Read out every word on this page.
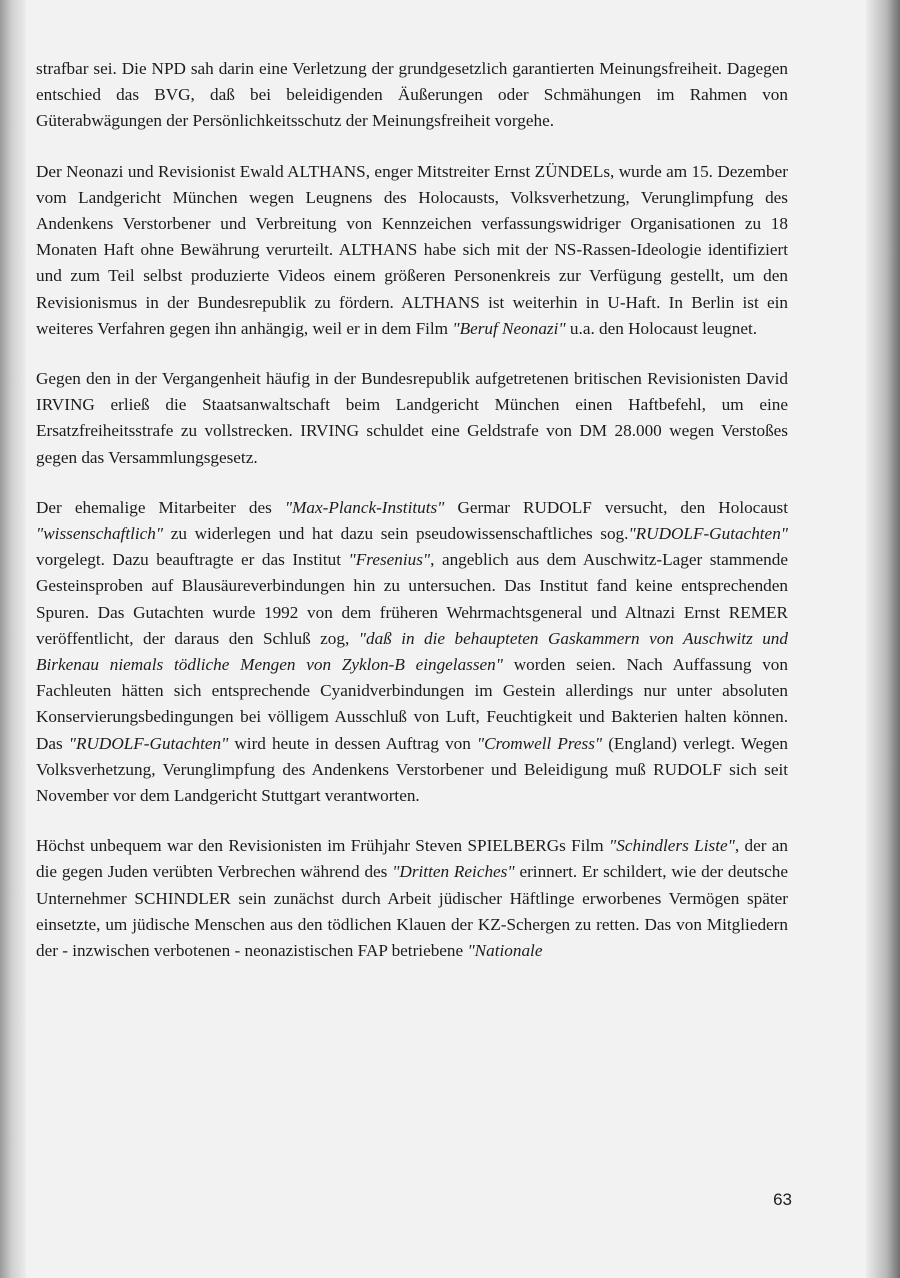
strafbar sei. Die NPD sah darin eine Verletzung der grundgesetzlich garantierten Meinungsfreiheit. Dagegen entschied das BVG, daß bei beleidigenden Äußerungen oder Schmähungen im Rahmen von Güterabwägungen der Persönlichkeitsschutz der Meinungsfreiheit vorgehe.

Der Neonazi und Revisionist Ewald ALTHANS, enger Mitstreiter Ernst ZÜNDELs, wurde am 15. Dezember vom Landgericht München wegen Leugnens des Holocausts, Volksverhetzung, Verunglimpfung des Andenkens Verstorbener und Verbreitung von Kennzeichen verfassungswidriger Organisationen zu 18 Monaten Haft ohne Bewährung verurteilt. ALTHANS habe sich mit der NS-Rassen-Ideologie identifiziert und zum Teil selbst produzierte Videos einem größeren Personenkreis zur Verfügung gestellt, um den Revisionismus in der Bundesrepublik zu fördern. ALTHANS ist weiterhin in U-Haft. In Berlin ist ein weiteres Verfahren gegen ihn anhängig, weil er in dem Film "Beruf Neonazi" u.a. den Holocaust leugnet.

Gegen den in der Vergangenheit häufig in der Bundesrepublik aufgetretenen britischen Revisionisten David IRVING erließ die Staatsanwaltschaft beim Landgericht München einen Haftbefehl, um eine Ersatzfreiheitsstrafe zu vollstrecken. IRVING schuldet eine Geldstrafe von DM 28.000 wegen Verstoßes gegen das Versammlungsgesetz.

Der ehemalige Mitarbeiter des "Max-Planck-Instituts" Germar RUDOLF versucht, den Holocaust "wissenschaftlich" zu widerlegen und hat dazu sein pseudowissenschaftliches sog."RUDOLF-Gutachten" vorgelegt. Dazu beauftragte er das Institut "Fresenius", angeblich aus dem Auschwitz-Lager stammende Gesteinsproben auf Blausäureverbindungen hin zu untersuchen. Das Institut fand keine entsprechenden Spuren. Das Gutachten wurde 1992 von dem früheren Wehrmachtsgeneral und Altnazi Ernst REMER veröffentlicht, der daraus den Schluß zog, "daß in die behaupteten Gaskammern von Auschwitz und Birkenau niemals tödliche Mengen von Zyklon-B eingelassen" worden seien. Nach Auffassung von Fachleuten hätten sich entsprechende Cyanidverbindungen im Gestein allerdings nur unter absoluten Konservierungsbedingungen bei völligem Ausschluß von Luft, Feuchtigkeit und Bakterien halten können. Das "RUDOLF-Gutachten" wird heute in dessen Auftrag von "Cromwell Press" (England) verlegt. Wegen Volksverhetzung, Verunglimpfung des Andenkens Verstorbener und Beleidigung muß RUDOLF sich seit November vor dem Landgericht Stuttgart verantworten.

Höchst unbequem war den Revisionisten im Frühjahr Steven SPIELBERGs Film "Schindlers Liste", der an die gegen Juden verübten Verbrechen während des "Dritten Reiches" erinnert. Er schildert, wie der deutsche Unternehmer SCHINDLER sein zunächst durch Arbeit jüdischer Häftlinge erworbenes Vermögen später einsetzte, um jüdische Menschen aus den tödlichen Klauen der KZ-Schergen zu retten. Das von Mitgliedern der - inzwischen verbotenen - neonazistischen FAP betriebene "Nationale

63
